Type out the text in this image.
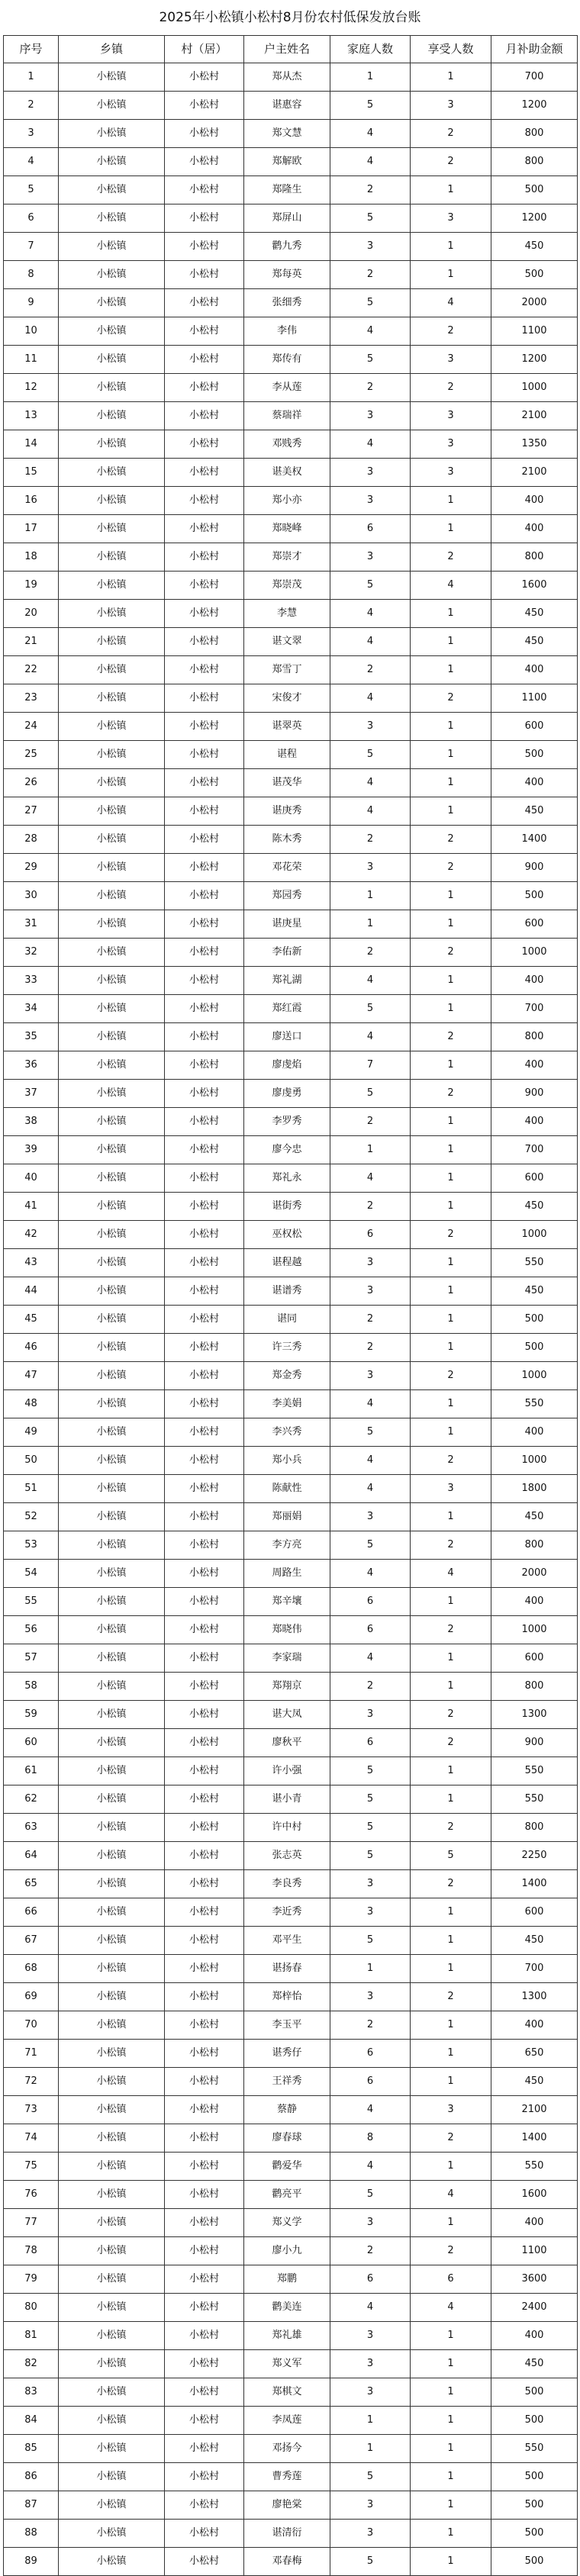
2025年小松镇小松村8月份农村低保发放台账
序号	乡镇	村（居）	户主姓名	家庭人数	享受人数	月补助金额
1	小松镇	小松村	郑从杰	1	1	700
2	小松镇	小松村	谌惠容	5	3	1200
3	小松镇	小松村	郑文慧	4	2	800
4	小松镇	小松村	郑解欧	4	2	800
5	小松镇	小松村	郑隆生	2	1	500
6	小松镇	小松村	郑屏山	5	3	1200
7	小松镇	小松村	鹳九秀	3	1	450
8	小松镇	小松村	郑每英	2	1	500
9	小松镇	小松村	张细秀	5	4	2000
10	小松镇	小松村	李伟	4	2	1100
11	小松镇	小松村	郑传有	5	3	1200
12	小松镇	小松村	李从莲	2	2	1000
13	小松镇	小松村	蔡瑞祥	3	3	2100
14	小松镇	小松村	邓贱秀	4	3	1350
15	小松镇	小松村	谌美权	3	3	2100
16	小松镇	小松村	郑小亦	3	1	400
17	小松镇	小松村	郑晓峰	6	1	400
18	小松镇	小松村	郑崇才	3	2	800
19	小松镇	小松村	郑崇茂	5	4	1600
20	小松镇	小松村	李慧	4	1	450
21	小松镇	小松村	谌文翠	4	1	450
22	小松镇	小松村	郑雪丁	2	1	400
23	小松镇	小松村	宋俊才	4	2	1100
24	小松镇	小松村	谌翠英	3	1	600
25	小松镇	小松村	谌程	5	1	500
26	小松镇	小松村	谌茂华	4	1	400
27	小松镇	小松村	谌庚秀	4	1	450
28	小松镇	小松村	陈木秀	2	2	1400
29	小松镇	小松村	邓花荣	3	2	900
30	小松镇	小松村	郑园秀	1	1	500
31	小松镇	小松村	谌庚星	1	1	600
32	小松镇	小松村	李佑新	2	2	1000
33	小松镇	小松村	郑礼湖	4	1	400
34	小松镇	小松村	郑红霞	5	1	700
35	小松镇	小松村	廖送口	4	2	800
36	小松镇	小松村	廖虔焰	7	1	400
37	小松镇	小松村	廖虔勇	5	2	900
38	小松镇	小松村	李罗秀	2	1	400
39	小松镇	小松村	廖今忠	1	1	700
40	小松镇	小松村	郑礼永	4	1	600
41	小松镇	小松村	谌街秀	2	1	450
42	小松镇	小松村	巫权松	6	2	1000
43	小松镇	小松村	谌程越	3	1	550
44	小松镇	小松村	谌谱秀	3	1	450
45	小松镇	小松村	谌同	2	1	500
46	小松镇	小松村	许三秀	2	1	500
47	小松镇	小松村	郑金秀	3	2	1000
48	小松镇	小松村	李美娟	4	1	550
49	小松镇	小松村	李兴秀	5	1	400
50	小松镇	小松村	郑小兵	4	2	1000
51	小松镇	小松村	陈献性	4	3	1800
52	小松镇	小松村	郑丽娟	3	1	450
53	小松镇	小松村	李方亮	5	2	800
54	小松镇	小松村	周路生	4	4	2000
55	小松镇	小松村	郑辛壤	6	1	400
56	小松镇	小松村	郑晓伟	6	2	1000
57	小松镇	小松村	李家瑞	4	1	600
58	小松镇	小松村	郑翔京	2	1	800
59	小松镇	小松村	谌大凤	3	2	1300
60	小松镇	小松村	廖秋平	6	2	900
61	小松镇	小松村	许小强	5	1	550
62	小松镇	小松村	谌小青	5	1	550
63	小松镇	小松村	许中村	5	2	800
64	小松镇	小松村	张志英	5	5	2250
65	小松镇	小松村	李良秀	3	2	1400
66	小松镇	小松村	李近秀	3	1	600
67	小松镇	小松村	邓平生	5	1	450
68	小松镇	小松村	谌扬春	1	1	700
69	小松镇	小松村	郑梓怡	3	2	1300
70	小松镇	小松村	李玉平	2	1	400
71	小松镇	小松村	谌秀仔	6	1	650
72	小松镇	小松村	王祥秀	6	1	450
73	小松镇	小松村	蔡静	4	3	2100
74	小松镇	小松村	廖春球	8	2	1400
75	小松镇	小松村	鹳爱华	4	1	550
76	小松镇	小松村	鹳亮平	5	4	1600
77	小松镇	小松村	郑义学	3	1	400
78	小松镇	小松村	廖小九	2	2	1100
79	小松镇	小松村	郑鹏	6	6	3600
80	小松镇	小松村	鹳美连	4	4	2400
81	小松镇	小松村	郑礼雄	3	1	400
82	小松镇	小松村	郑义军	3	1	450
83	小松镇	小松村	郑棋文	3	1	500
84	小松镇	小松村	李凤莲	1	1	500
85	小松镇	小松村	邓扬今	1	1	550
86	小松镇	小松村	曹秀莲	5	1	500
87	小松镇	小松村	廖艳棠	3	1	500
88	小松镇	小松村	谌清衍	3	1	500
89	小松镇	小松村	邓春梅	5	1	500
